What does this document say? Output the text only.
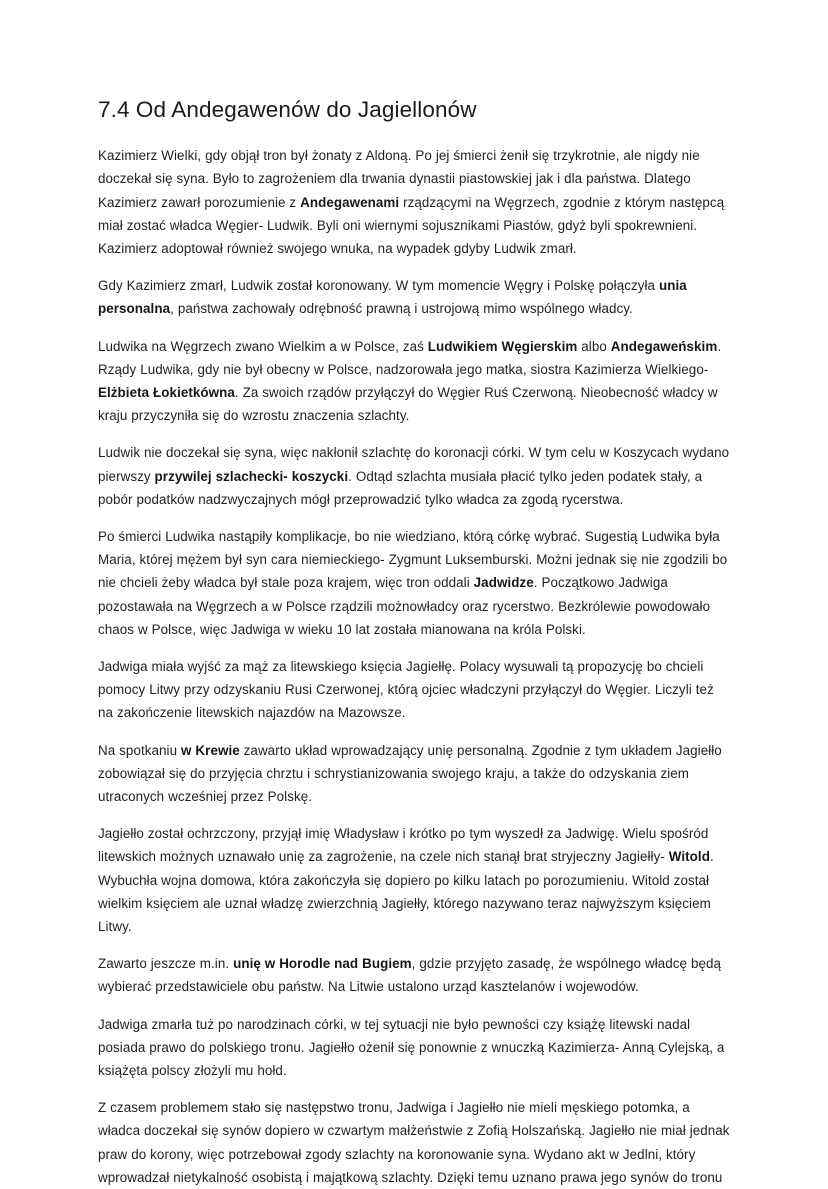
7.4 Od Andegawenów do Jagiellonów

Kazimierz Wielki, gdy objął tron był żonaty z Aldoną. Po jej śmierci żenił się trzykrotnie, ale nigdy nie doczekał się syna. Było to zagrożeniem dla trwania dynastii piastowskiej jak i dla państwa. Dlatego Kazimierz zawarł porozumienie z Andegawenami rządzącymi na Węgrzech, zgodnie z którym następcą miał zostać władca Węgier- Ludwik. Byli oni wiernymi sojusznikami Piastów, gdyż byli spokrewnieni. Kazimierz adoptował również swojego wnuka, na wypadek gdyby Ludwik zmarł.

Gdy Kazimierz zmarł, Ludwik został koronowany. W tym momencie Węgry i Polskę połączyła unia personalna, państwa zachowały odrębność prawną i ustrojową mimo wspólnego władcy.

Ludwika na Węgrzech zwano Wielkim a w Polsce, zaś Ludwikiem Węgierskim albo Andegaweńskim. Rządy Ludwika, gdy nie był obecny w Polsce, nadzorowała jego matka, siostra Kazimierza Wielkiego- Elżbieta Łokietkówna. Za swoich rządów przyłączył do Węgier Ruś Czerwoną. Nieobecność władcy w kraju przyczyniła się do wzrostu znaczenia szlachty.

Ludwik nie doczekał się syna, więc nakłonił szlachtę do koronacji córki. W tym celu w Koszycach wydano pierwszy przywilej szlachecki- koszycki. Odtąd szlachta musiała płacić tylko jeden podatek stały, a pobór podatków nadzwyczajnych mógł przeprowadzić tylko władca za zgodą rycerstwa.

Po śmierci Ludwika nastąpiły komplikacje, bo nie wiedziano, którą córkę wybrać. Sugestią Ludwika była Maria, której mężem był syn cara niemieckiego- Zygmunt Luksemburski. Możni jednak się nie zgodzili bo nie chcieli żeby władca był stale poza krajem, więc tron oddali Jadwidze. Początkowo Jadwiga pozostawała na Węgrzech a w Polsce rządzili możnowładcy oraz rycerstwo. Bezkrólewie powodowało chaos w Polsce, więc Jadwiga w wieku 10 lat została mianowana na króla Polski.

Jadwiga miała wyjść za mąż za litewskiego księcia Jagiełłę. Polacy wysuwali tą propozycję bo chcieli pomocy Litwy przy odzyskaniu Rusi Czerwonej, którą ojciec władczyni przyłączył do Węgier. Liczyli też na zakończenie litewskich najazdów na Mazowsze.

Na spotkaniu w Krewie zawarto układ wprowadzający unię personalną. Zgodnie z tym układem Jagiełło zobowiązał się do przyjęcia chrztu i schrystianizowania swojego kraju, a także do odzyskania ziem utraconych wcześniej przez Polskę.

Jagiełło został ochrzczony, przyjął imię Władysław i krótko po tym wyszedł za Jadwigę. Wielu spośród litewskich możnych uznawało unię za zagrożenie, na czele nich stanął brat stryjeczny Jagiełły- Witold. Wybuchła wojna domowa, która zakończyła się dopiero po kilku latach po porozumieniu. Witold został wielkim księciem ale uznał władzę zwierzchnią Jagiełły, którego nazywano teraz najwyższym księciem Litwy.

Zawarto jeszcze m.in. unię w Horodle nad Bugiem, gdzie przyjęto zasadę, że wspólnego władcę będą wybierać przedstawiciele obu państw. Na Litwie ustalono urząd kasztelanów i wojewodów.

Jadwiga zmarła tuż po narodzinach córki, w tej sytuacji nie było pewności czy książę litewski nadal posiada prawo do polskiego tronu. Jagiełło ożenił się ponownie z wnuczką Kazimierza- Anną Cylejską, a książęta polscy złożyli mu hołd.

Z czasem problemem stało się następstwo tronu, Jadwiga i Jagiełło nie mieli męskiego potomka, a władca doczekał się synów dopiero w czwartym małżeństwie z Zofią Holszańską. Jagiełło nie miał jednak praw do korony, więc potrzebował zgody szlachty na koronowanie syna. Wydano akt w Jedlni, który wprowadzał nietykalność osobistą i majątkową szlachty. Dzięki temu uznano prawa jego synów do tronu
